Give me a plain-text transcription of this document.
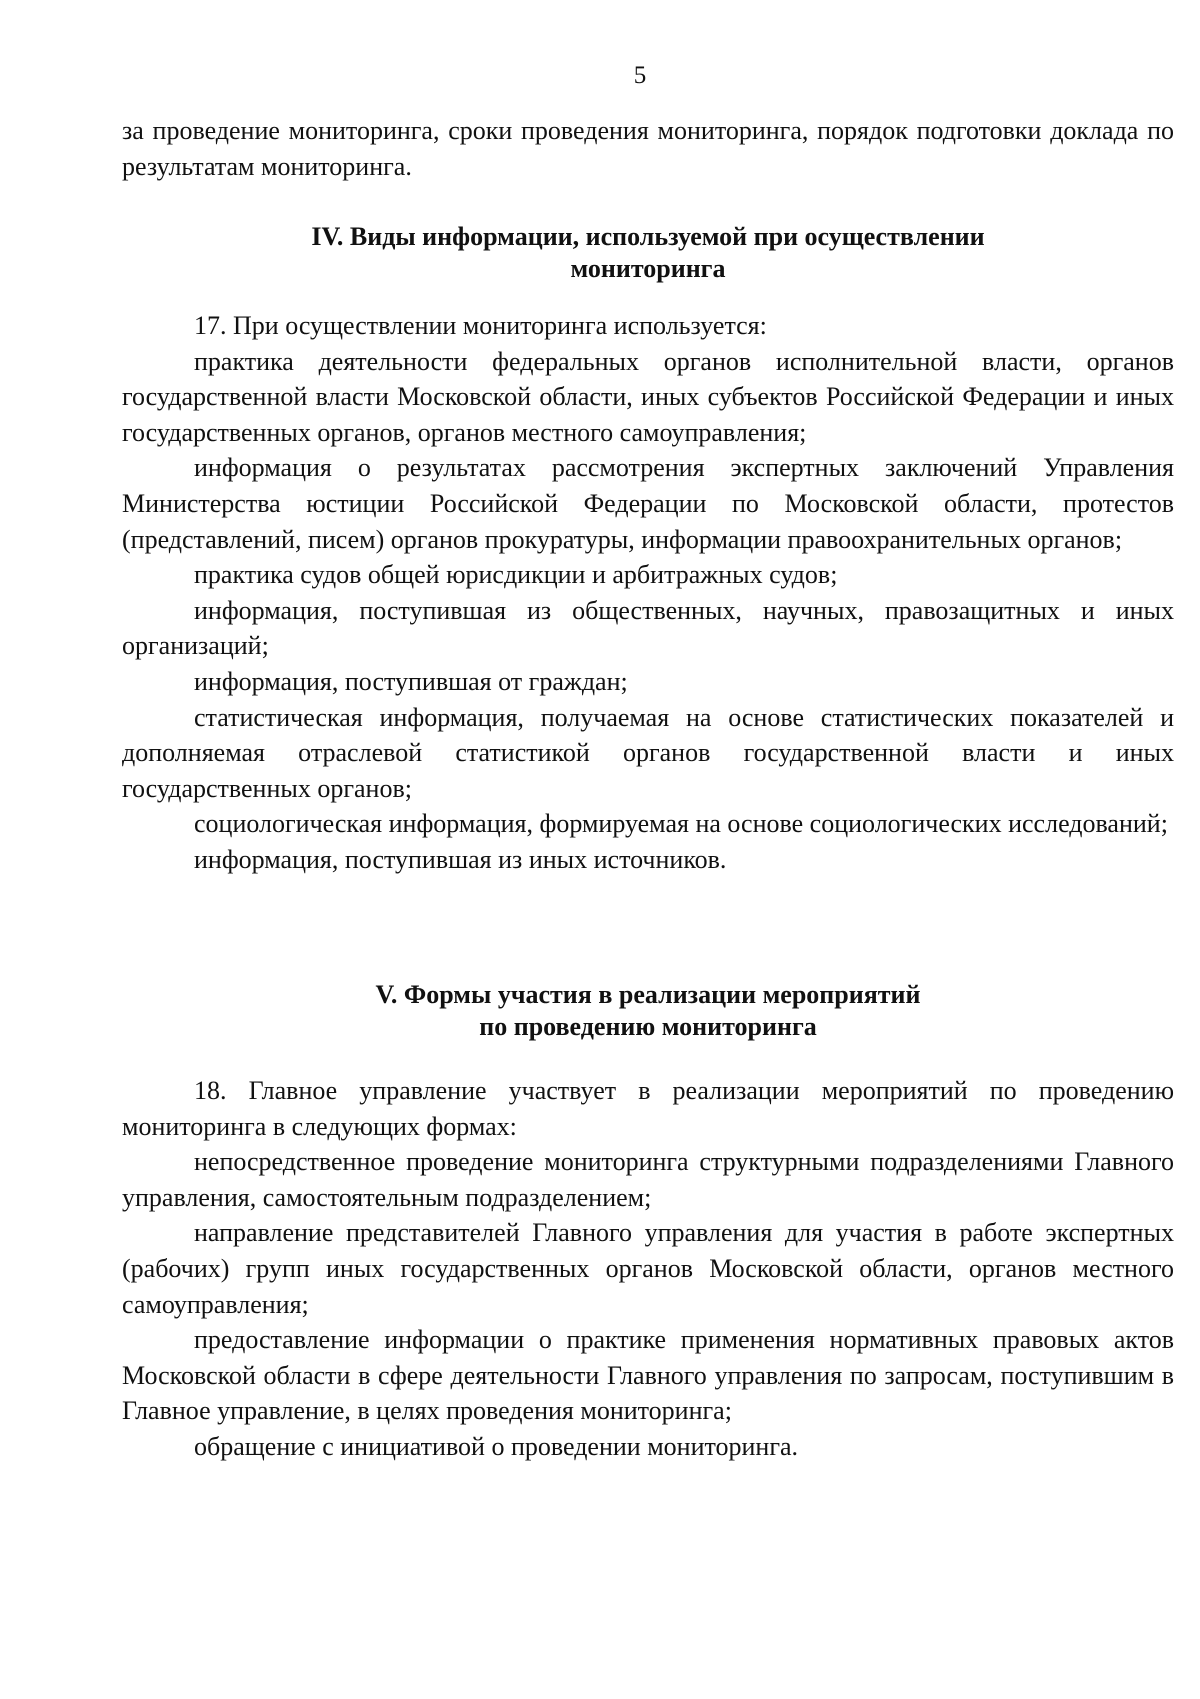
5

за проведение мониторинга, сроки проведения мониторинга, порядок подготовки доклада по результатам мониторинга.

IV. Виды информации, используемой при осуществлении
мониторинга

17. При осуществлении мониторинга используется:

практика деятельности федеральных органов исполнительной власти, органов государственной власти Московской области, иных субъектов Российской Федерации и иных государственных органов, органов местного самоуправления;

информация о результатах рассмотрения экспертных заключений Управления Министерства юстиции Российской Федерации по Московской области, протестов (представлений, писем) органов прокуратуры, информации правоохранительных органов;

практика судов общей юрисдикции и арбитражных судов;

информация, поступившая из общественных, научных, правозащитных и иных организаций;

информация, поступившая от граждан;

статистическая информация, получаемая на основе статистических показателей и дополняемая отраслевой статистикой органов государственной власти и иных государственных органов;

социологическая информация, формируемая на основе социологических исследований;

информация, поступившая из иных источников.

V. Формы участия в реализации мероприятий
по проведению мониторинга

18. Главное управление участвует в реализации мероприятий по проведению мониторинга в следующих формах:

непосредственное проведение мониторинга структурными подразделениями Главного управления, самостоятельным подразделением;

направление представителей Главного управления для участия в работе экспертных (рабочих) групп иных государственных органов Московской области, органов местного самоуправления;

предоставление информации о практике применения нормативных правовых актов Московской области в сфере деятельности Главного управления по запросам, поступившим в Главное управление, в целях проведения мониторинга;

обращение с инициативой о проведении мониторинга.
